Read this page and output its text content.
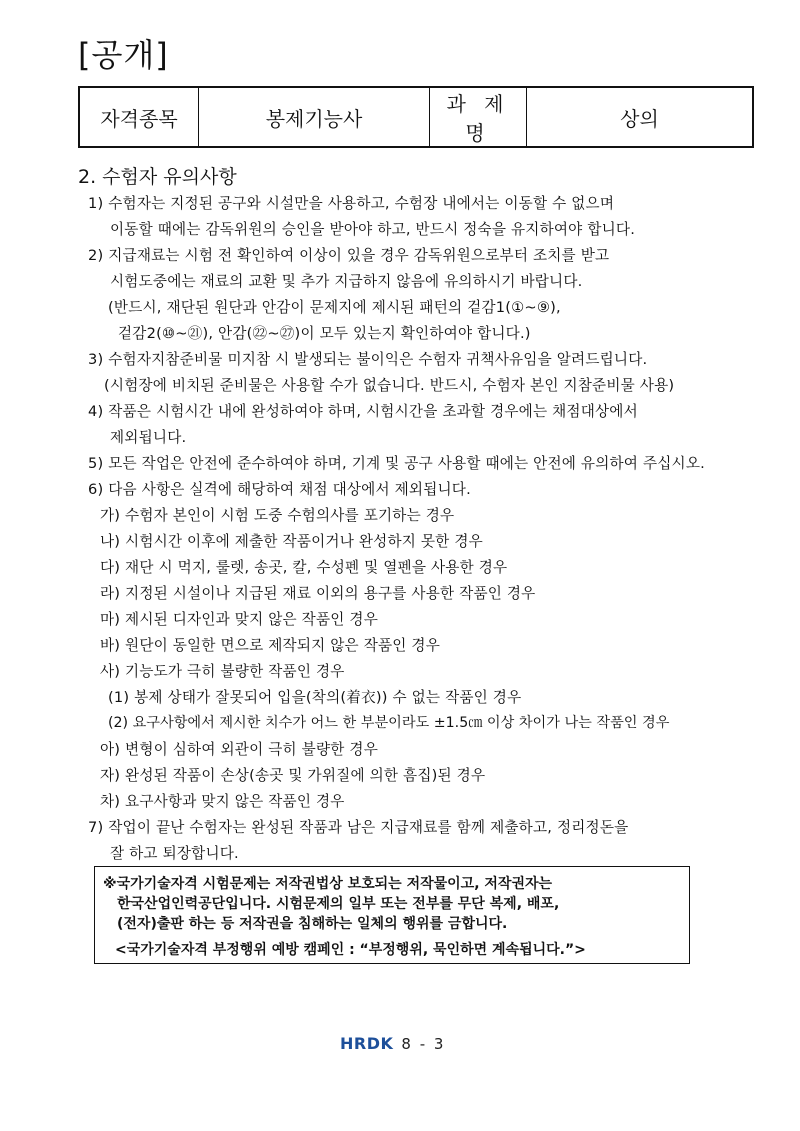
[공개]
자격종목	봉제기능사	과 제 명	상의
2. 수험자 유의사항
1) 수험자는 지정된 공구와 시설만을 사용하고, 수험장 내에서는 이동할 수 없으며
이동할 때에는 감독위원의 승인을 받아야 하고, 반드시 정숙을 유지하여야 합니다.
2) 지급재료는 시험 전 확인하여 이상이 있을 경우 감독위원으로부터 조치를 받고
시험도중에는 재료의 교환 및 추가 지급하지 않음에 유의하시기 바랍니다.
(반드시, 재단된 원단과 안감이 문제지에 제시된 패턴의 겉감1(①~⑨),
겉감2(⑩~㉑), 안감(㉒~㉗)이 모두 있는지 확인하여야 합니다.)
3) 수험자지참준비물 미지참 시 발생되는 불이익은 수험자 귀책사유임을 알려드립니다.
(시험장에 비치된 준비물은 사용할 수가 없습니다. 반드시, 수험자 본인 지참준비물 사용)
4) 작품은 시험시간 내에 완성하여야 하며, 시험시간을 초과할 경우에는 채점대상에서
제외됩니다.
5) 모든 작업은 안전에 준수하여야 하며, 기계 및 공구 사용할 때에는 안전에 유의하여 주십시오.
6) 다음 사항은 실격에 해당하여 채점 대상에서 제외됩니다.
가) 수험자 본인이 시험 도중 수험의사를 포기하는 경우
나) 시험시간 이후에 제출한 작품이거나 완성하지 못한 경우
다) 재단 시 먹지, 룰렛, 송곳, 칼, 수성펜 및 열펜을 사용한 경우
라) 지정된 시설이나 지급된 재료 이외의 용구를 사용한 작품인 경우
마) 제시된 디자인과 맞지 않은 작품인 경우
바) 원단이 동일한 면으로 제작되지 않은 작품인 경우
사) 기능도가 극히 불량한 작품인 경우
(1) 봉제 상태가 잘못되어 입을(착의(着衣)) 수 없는 작품인 경우
(2) 요구사항에서 제시한 치수가 어느 한 부분이라도 ±1.5㎝ 이상 차이가 나는 작품인 경우
아) 변형이 심하여 외관이 극히 불량한 경우
자) 완성된 작품이 손상(송곳 및 가위질에 의한 흠집)된 경우
차) 요구사항과 맞지 않은 작품인 경우
7) 작업이 끝난 수험자는 완성된 작품과 남은 지급재료를 함께 제출하고, 정리정돈을
잘 하고 퇴장합니다.
※국가기술자격 시험문제는 저작권법상 보호되는 저작물이고, 저작권자는
한국산업인력공단입니다. 시험문제의 일부 또는 전부를 무단 복제, 배포,
(전자)출판 하는 등 저작권을 침해하는 일체의 행위를 금합니다.
<국가기술자격 부정행위 예방 캠페인 : “부정행위, 묵인하면 계속됩니다.”>
HRDK 8 - 3
